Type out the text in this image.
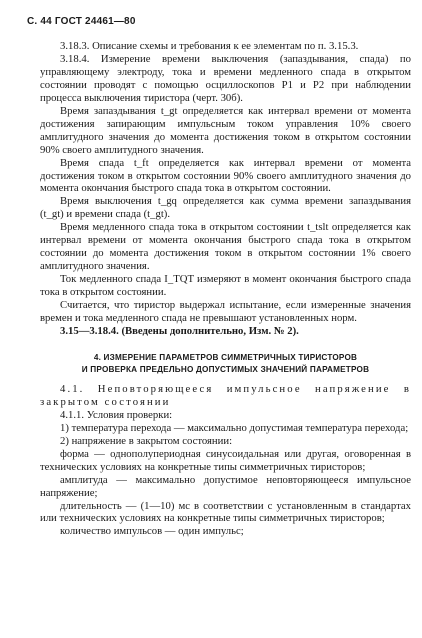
С. 44 ГОСТ 24461—80

3.18.3. Описание схемы и требования к ее элементам по п. 3.15.3.

3.18.4. Измерение времени выключения (запаздывания, спада) по управляющему электроду, тока и времени медленного спада в открытом состоянии проводят с помощью осциллоскопов Р1 и Р2 при наблюдении процесса выключения тиристора (черт. 30б).

Время запаздывания t_gt определяется как интервал времени от момента достижения запирающим импульсным током управления 10% своего амплитудного значения до момента достижения током в открытом состоянии 90% своего амплитудного значения.

Время спада t_ft определяется как интервал времени от момента достижения током в открытом состоянии 90% своего амплитудного значения до момента окончания быстрого спада тока в открытом состоянии.

Время выключения t_gq определяется как сумма времени запаздывания (t_gt) и времени спада (t_gt).

Время медленного спада тока в открытом состоянии t_tslt определяется как интервал времени от момента окончания быстрого спада тока в открытом состоянии до момента достижения током в открытом состоянии 1% своего амплитудного значения.

Ток медленного спада I_TQT измеряют в момент окончания быстрого спада тока в открытом состоянии.

Считается, что тиристор выдержал испытание, если измеренные значения времен и тока медленного спада не превышают установленных норм.

3.15—3.18.4. (Введены дополнительно, Изм. № 2).

4. ИЗМЕРЕНИЕ ПАРАМЕТРОВ СИММЕТРИЧНЫХ ТИРИСТОРОВ

И ПРОВЕРКА ПРЕДЕЛЬНО ДОПУСТИМЫХ ЗНАЧЕНИЙ ПАРАМЕТРОВ

4.1. Неповторяющееся импульсное напряжение в закрытом состоянии

4.1.1. Условия проверки:

1) температура перехода — максимально допустимая температура перехода;

2) напряжение в закрытом состоянии:

форма — однополупериодная синусоидальная или другая, оговоренная в технических условиях на конкретные типы симметричных тиристоров;

амплитуда — максимально допустимое неповторяющееся импульсное напряжение;

длительность — (1—10) мс в соответствии с установленным в стандартах или технических условиях на конкретные типы симметричных тиристоров;

количество импульсов — один импульс;
